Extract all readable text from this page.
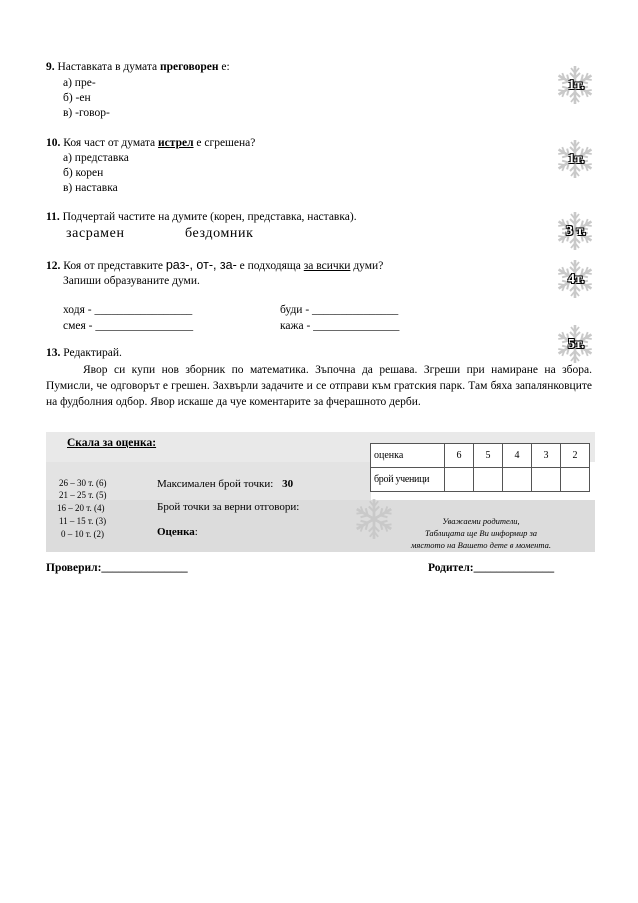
9. Наставката в думата преговорен е:
а) пре-
б) -ен
в) -говор-
1т.
10. Коя част от думата истрел е сгрешена?
а) представка
б) корен
в) наставка
1т.
11. Подчертай частите на думите (корен, представка, наставка).
засрамен	бездомник	3 т.
12. Коя от представките раз-, от-, за- е подходяща за всички думи?
Запиши образуваните думи.
ходя - _________________	буди - _______________
смея - _________________	кажа - _______________
4т.
5т.
13. Редактирай.
Явор си купи нов зборник по математика. Зъпочна да решава. Згреши при намиране на збора. Пумисли, че одговорът е грешен. Захвърли задачите и се отправи към гратския парк. Там бяха запалянковците на фудболния одбор. Явор искаше да чуе коментарите за фчерашното дерби.
Скала за оценка:
26 – 30 т. (6)
21 – 25 т. (5)
16 – 20 т. (4)
11 – 15 т. (3)
0 – 10 т. (2)
Максимален брой точки: 30
Брой точки за верни отговори:
Оценка:
оценка	6	5	4	3	2
брой ученици					
Уважаеми родители,
Таблицата ще Ви информир за
мястото на Вашето дете в момента.
Проверил:_______________	Родител:______________
